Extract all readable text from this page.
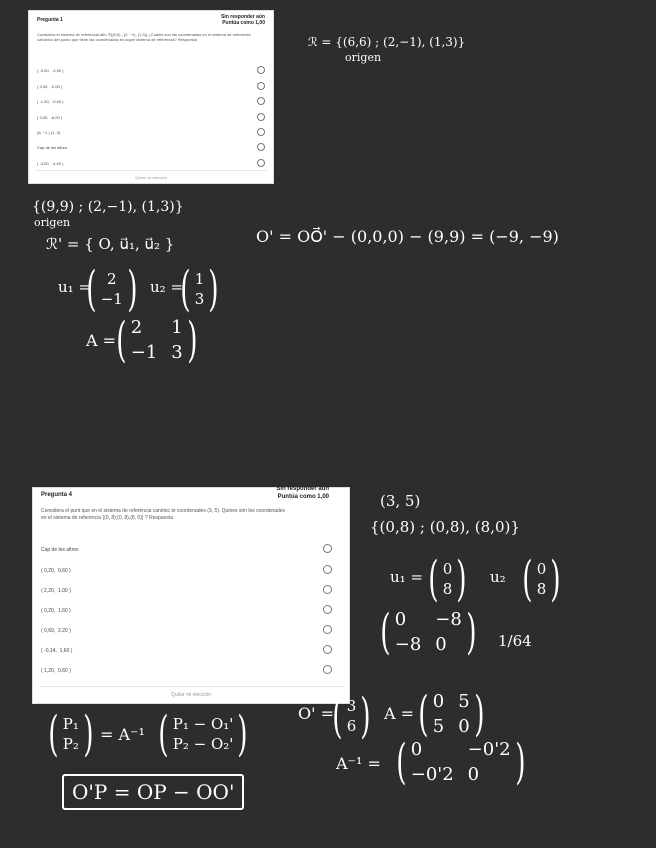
Pregunta 1	Sin responder aún
Puntúa como 1,00
Considera el sistema de referencia afín ℛ{(6,6) ; (2, −1), (1,3)} ¿Cuáles son las coordenadas en el sistema de referencia canónico del punto que tiene las coordenadas en aquel sistema de referencia? Respuesta
( -3,00,  -3,00 )
( 3,00,  -9,00 )
( -1,00,  -9,00 )
( 3,00,  -6,00 )
(6, −1 ) (1, 3)
Cap de les altres
( -3,00,  -4,00 )
Quitar mi elección
Pregunta 4
Sin responder aún
Puntúa como 1,00
Considera el punt que en el sistema de referència canònic té coordenades (3, 5). Quines són les coordenades en el sistema de referència {(0, 8);(0, 8),(8, 0)} ? Respuesta
Cap de les altres
( 0,20,  0,60 )
( 2,20,  1,00 )
( 0,20,  1,60 )
( 0,60,  2,20 )
( -0,14,  1,60 )
( 1,20,  0,60 )
Quitar mi elección
ℛ = {(6,6) ; (2,−1), (1,3)}
origen
{(9,9) ; (2,−1), (1,3)}
origen
ℛ' = { O, u⃗₁, u⃗₂ }	O' = OO⃗' − (0,0,0) − (9,9) = (−9, −9)
u₁ =
( 2
−1 ) u₂ =
( 1
3 )
A = ( 2	1
−1 3 )
(3, 5)
{(0,8) ; (0,8), (8,0)}
u₁ = ( 0
8 ) u₂ ( 0
8 )
( 0	−8
−8 0 ) 1/64
O' =
( 3
6 ) A = ( 0 5
5 0 )
A⁻¹ = ( 0	−0'2
−0'2 0 )
( P₁
P₂ ) = A⁻¹ ( P₁ − O₁'
P₂ − O₂' )
O'P = OP − OO'
